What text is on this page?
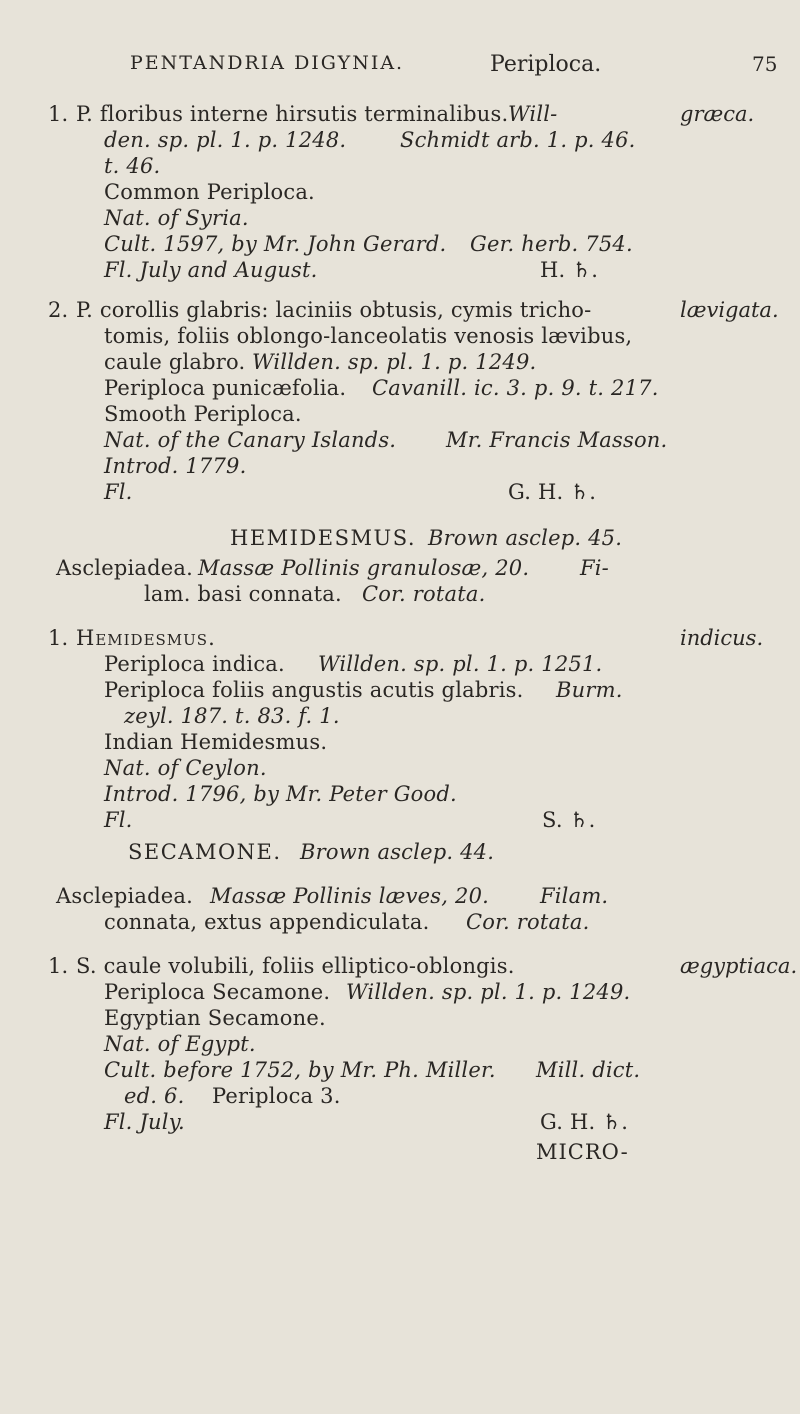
PENTANDRIA DIGYNIA.	Periploca.	75
1. P. floribus interne hirsutis terminalibus. Will-	græca.
den. sp. pl. 1. p. 1248.	Schmidt arb. 1. p. 46.
t. 46.
Common Periploca.
Nat. of Syria.
Cult. 1597, by Mr. John Gerard. Ger. herb. 754.
Fl. July and August.	H. ♄.
2. P. corollis glabris: laciniis obtusis, cymis tricho-	lævigata.
tomis, foliis oblongo-lanceolatis venosis lævibus,
caule glabro. Willden. sp. pl. 1. p. 1249.
Periploca punicæfolia. Cavanill. ic. 3. p. 9. t. 217.
Smooth Periploca.
Nat. of the Canary Islands. Mr. Francis Masson.
Introd. 1779.
Fl.	G. H. ♄.
HEMIDESMUS. Brown asclep. 45.
Asclepiadea. Massæ Pollinis granulosæ, 20. Fi-
lam. basi connata. Cor. rotata.
1. Hemidesmus.	indicus.
Periploca indica. Willden. sp. pl. 1. p. 1251.
Periploca foliis angustis acutis glabris. Burm.
zeyl. 187. t. 83. f. 1.
Indian Hemidesmus.
Nat. of Ceylon.
Introd. 1796, by Mr. Peter Good.
Fl.	S. ♄.
SECAMONE. Brown asclep. 44.
Asclepiadea. Massæ Pollinis læves, 20. Filam.
connata, extus appendiculata. Cor. rotata.
1. S. caule volubili, foliis elliptico-oblongis.	ægyptiaca.
Periploca Secamone. Willden. sp. pl. 1. p. 1249.
Egyptian Secamone.
Nat. of Egypt.
Cult. before 1752, by Mr. Ph. Miller. Mill. dict.
ed. 6. Periploca 3.
Fl. July.	G. H. ♄.
MICRO-
